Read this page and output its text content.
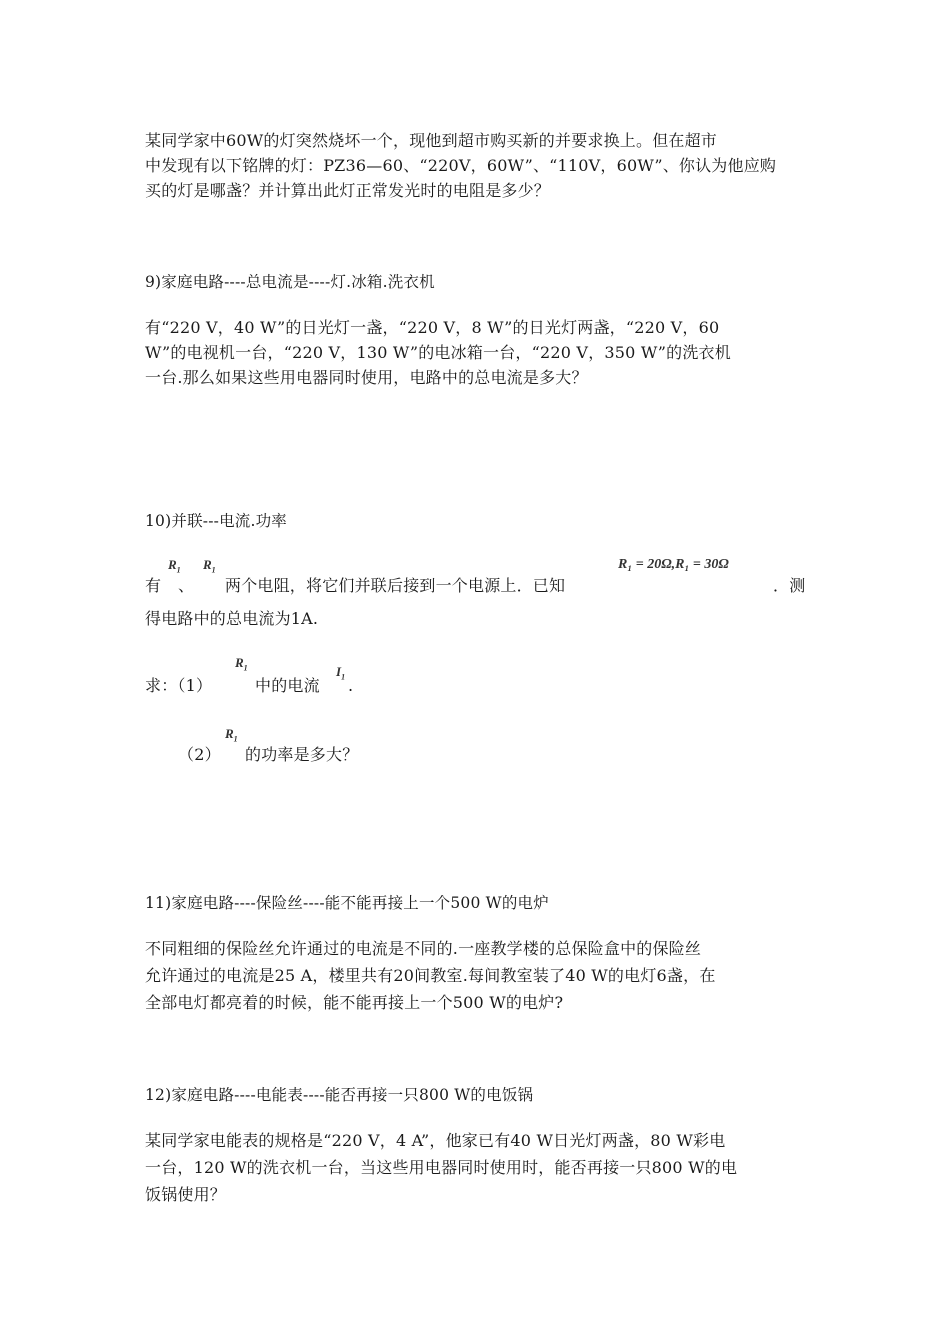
某同学家中60W的灯突然烧坏一个，现他到超市购买新的并要求换上。但在超市
中发现有以下铭牌的灯：PZ36—60、“220V，60W”、“110V，60W”、你认为他应购
买的灯是哪盏？并计算出此灯正常发光时的电阻是多少？
9)家庭电路----总电流是----灯.冰箱.洗衣机
有“220 V，40 W”的日光灯一盏，“220 V，8 W”的日光灯两盏，“220 V，60
W”的电视机一台，“220 V，130 W”的电冰箱一台，“220 V，350 W”的洗衣机
一台.那么如果这些用电器同时使用，电路中的总电流是多大？
10)并联---电流.功率
有
$R_1$
、
$R_1$
两个电阻，将它们并联后接到一个电源上．已知
R₁ = 20Ω,R₁ = 30Ω
．测
得电路中的总电流为1A.
求：（1）
$R_1$
中的电流
$I_1$ .
（2）
$R_1$
的功率是多大？
11)家庭电路----保险丝----能不能再接上一个500 W的电炉
不同粗细的保险丝允许通过的电流是不同的.一座教学楼的总保险盒中的保险丝
允许通过的电流是25 A，楼里共有20间教室.每间教室装了40 W的电灯6盏，在
全部电灯都亮着的时候，能不能再接上一个500 W的电炉?
12)家庭电路----电能表----能否再接一只800 W的电饭锅
某同学家电能表的规格是“220 V，4 A”，他家已有40 W日光灯两盏，80 W彩电
一台，120 W的洗衣机一台，当这些用电器同时使用时，能否再接一只800 W的电
饭锅使用？
